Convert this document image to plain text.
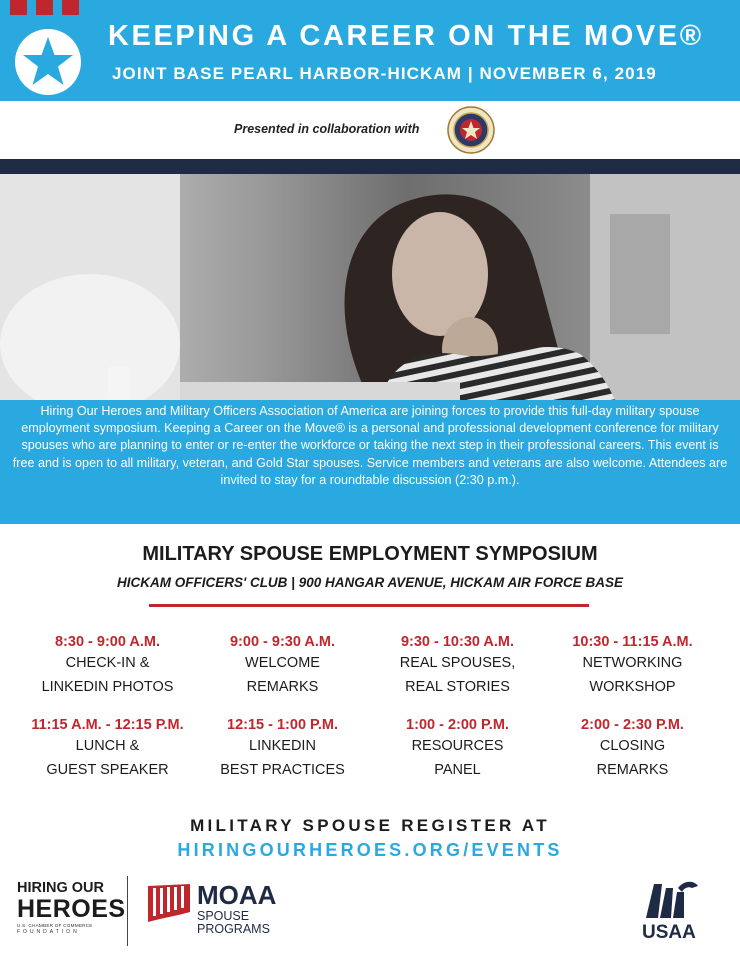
KEEPING A CAREER ON THE MOVE®
JOINT BASE PEARL HARBOR-HICKAM | NOVEMBER 6, 2019
Presented in collaboration with
Hiring Our Heroes and Military Officers Association of America are joining forces to provide this full-day military spouse employment symposium. Keeping a Career on the Move® is a personal and professional development conference for military spouses who are planning to enter or re-enter the workforce or taking the next step in their professional careers. This event is free and is open to all military, veteran, and Gold Star spouses. Service members and veterans are also welcome. Attendees are invited to stay for a roundtable discussion (2:30 p.m.).
MILITARY SPOUSE EMPLOYMENT SYMPOSIUM
HICKAM OFFICERS' CLUB | 900 HANGAR AVENUE, HICKAM AIR FORCE BASE
8:30 - 9:00 A.M.
CHECK-IN &
LINKEDIN PHOTOS
9:00 - 9:30 A.M.
WELCOME
REMARKS
9:30 - 10:30 A.M.
REAL SPOUSES,
REAL STORIES
10:30 - 11:15 A.M.
NETWORKING
WORKSHOP
11:15 A.M. - 12:15 P.M.
LUNCH &
GUEST SPEAKER
12:15 - 1:00 P.M.
LINKEDIN
BEST PRACTICES
1:00 - 2:00 P.M.
RESOURCES
PANEL
2:00 - 2:30 P.M.
CLOSING
REMARKS
MILITARY SPOUSE REGISTER AT
HIRINGOURHEROES.ORG/EVENTS
HIRING OUR
HEROES
U.S. CHAMBER OF COMMERCE
FOUNDATION
MOAA
SPOUSE
PROGRAMS	USAA
